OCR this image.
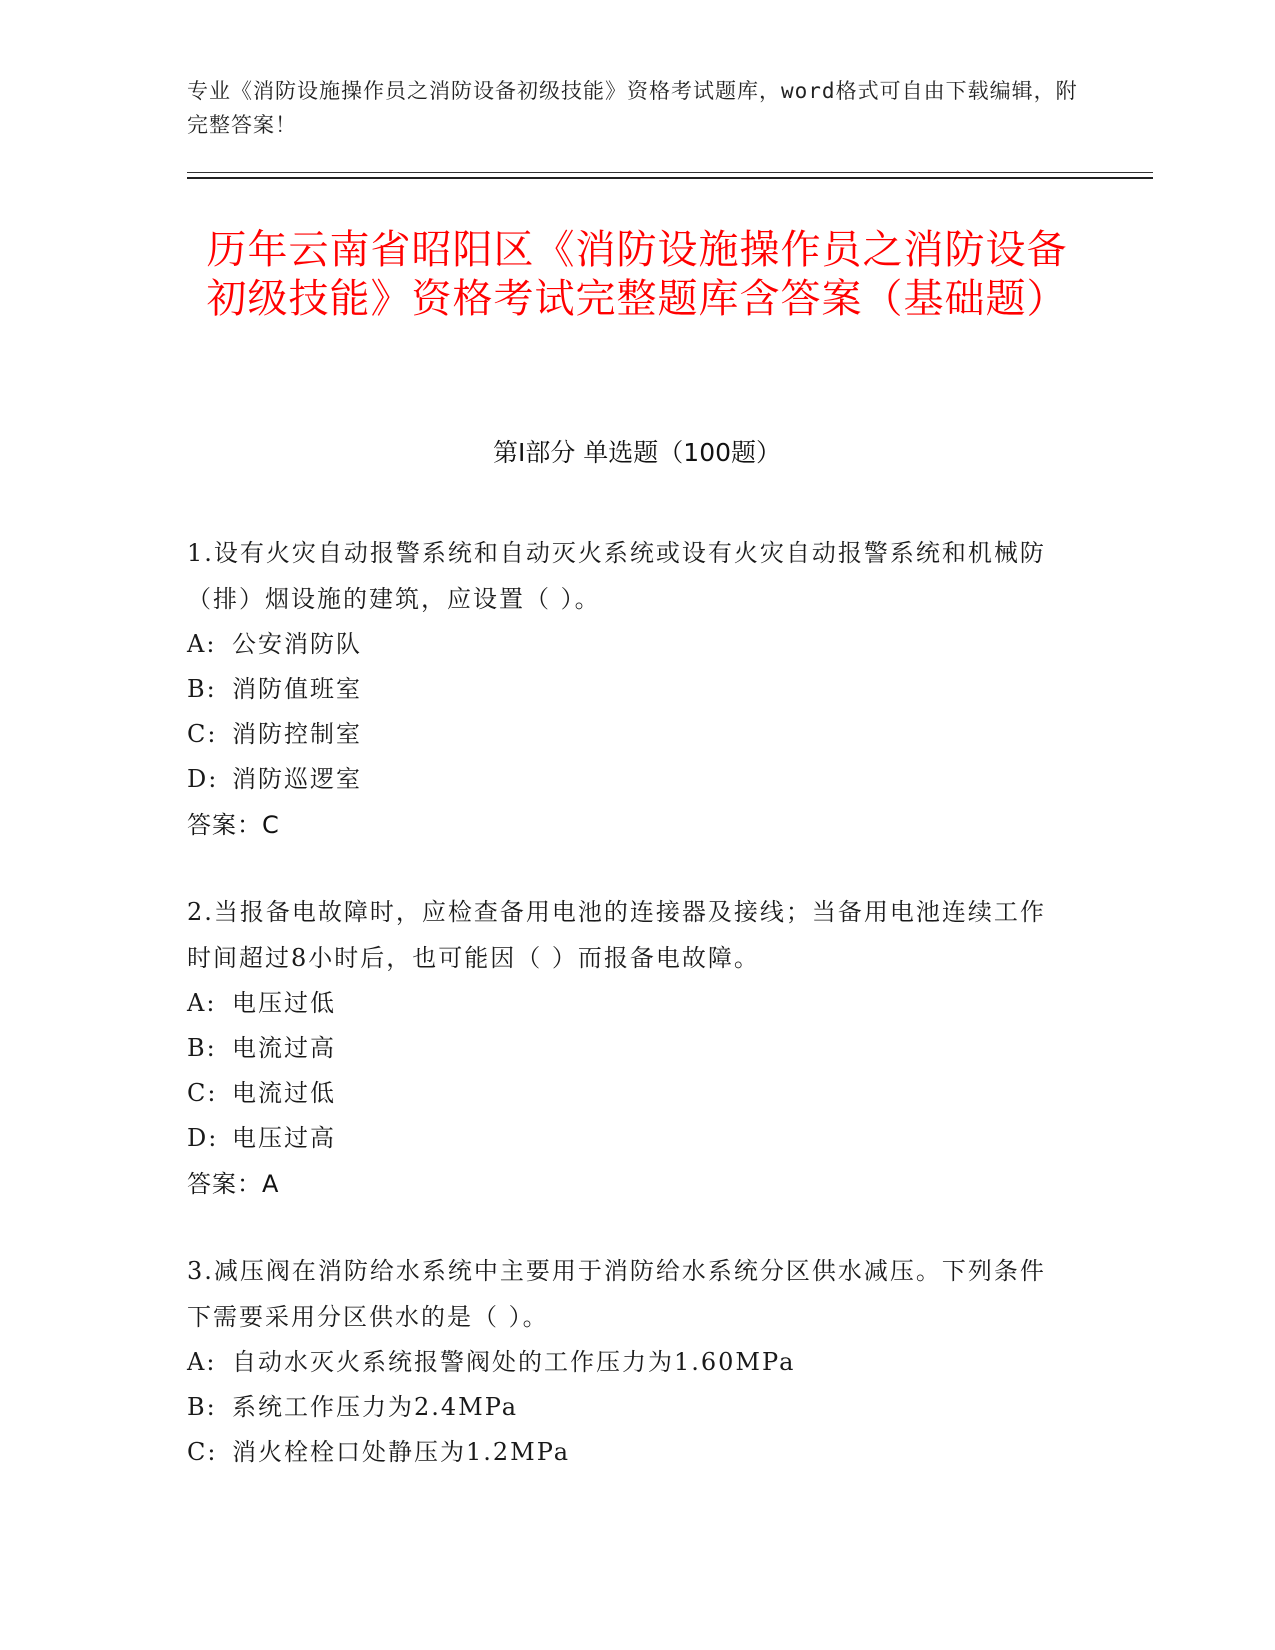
专业《消防设施操作员之消防设备初级技能》资格考试题库，word格式可自由下载编辑，附完整答案！
历年云南省昭阳区《消防设施操作员之消防设备初级技能》资格考试完整题库含答案（基础题）
第Ⅰ部分 单选题（100题）

1.设有火灾自动报警系统和自动灭火系统或设有火灾自动报警系统和机械防（排）烟设施的建筑，应设置（ ）。

A: 公安消防队
B: 消防值班室
C: 消防控制室
D: 消防巡逻室
答案：C

2.当报备电故障时，应检查备用电池的连接器及接线；当备用电池连续工作时间超过8小时后，也可能因（ ）而报备电故障。

A: 电压过低
B: 电流过高
C: 电流过低
D: 电压过高
答案：A

3.减压阀在消防给水系统中主要用于消防给水系统分区供水减压。下列条件下需要采用分区供水的是（ ）。

A: 自动水灭火系统报警阀处的工作压力为1.60MPa
B: 系统工作压力为2.4MPa
C: 消火栓栓口处静压为1.2MPa
